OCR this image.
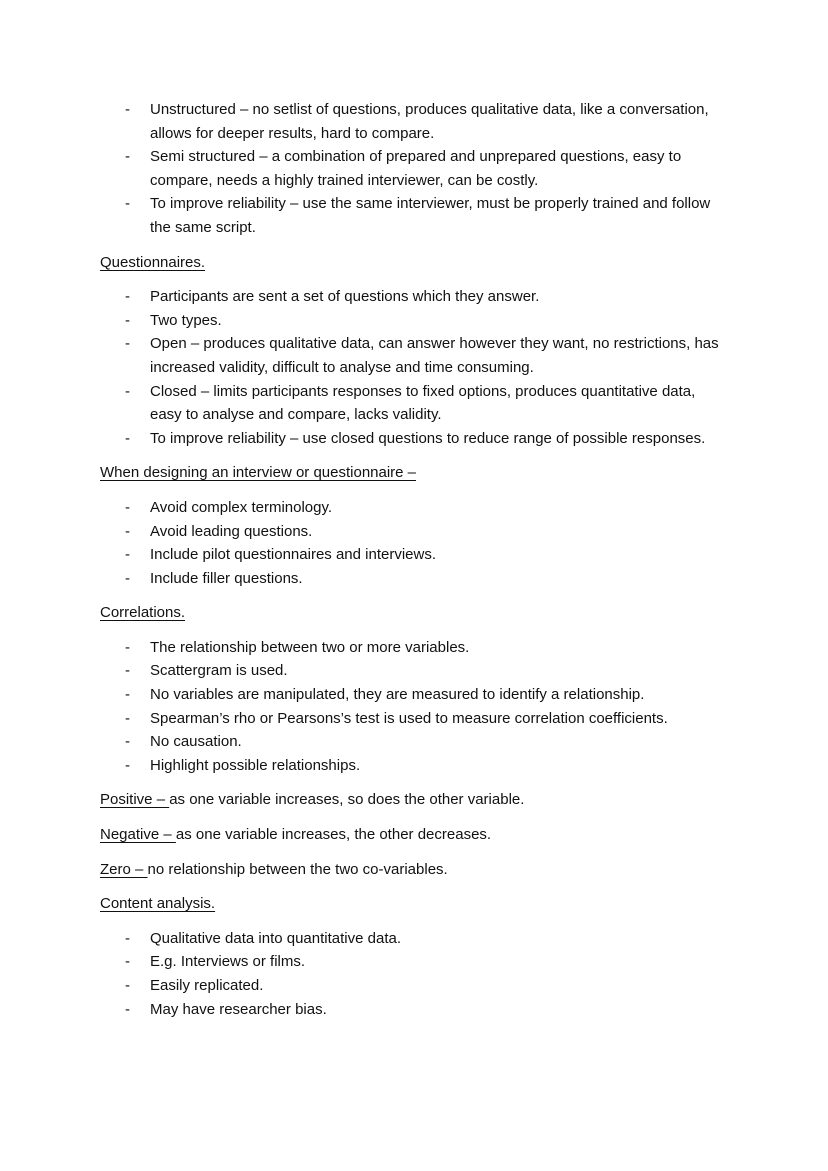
- Unstructured – no setlist of questions, produces qualitative data, like a conversation, allows for deeper results, hard to compare.
- Semi structured – a combination of prepared and unprepared questions, easy to compare, needs a highly trained interviewer, can be costly.
- To improve reliability – use the same interviewer, must be properly trained and follow the same script.
Questionnaires.
- Participants are sent a set of questions which they answer.
- Two types.
- Open – produces qualitative data, can answer however they want, no restrictions, has increased validity, difficult to analyse and time consuming.
- Closed – limits participants responses to fixed options, produces quantitative data, easy to analyse and compare, lacks validity.
- To improve reliability – use closed questions to reduce range of possible responses.
When designing an interview or questionnaire –
- Avoid complex terminology.
- Avoid leading questions.
- Include pilot questionnaires and interviews.
- Include filler questions.
Correlations.
- The relationship between two or more variables.
- Scattergram is used.
- No variables are manipulated, they are measured to identify a relationship.
- Spearman’s rho or Pearsons’s test is used to measure correlation coefficients.
- No causation.
- Highlight possible relationships.
Positive – as one variable increases, so does the other variable.
Negative – as one variable increases, the other decreases.
Zero – no relationship between the two co-variables.
Content analysis.
- Qualitative data into quantitative data.
- E.g. Interviews or films.
- Easily replicated.
- May have researcher bias.
